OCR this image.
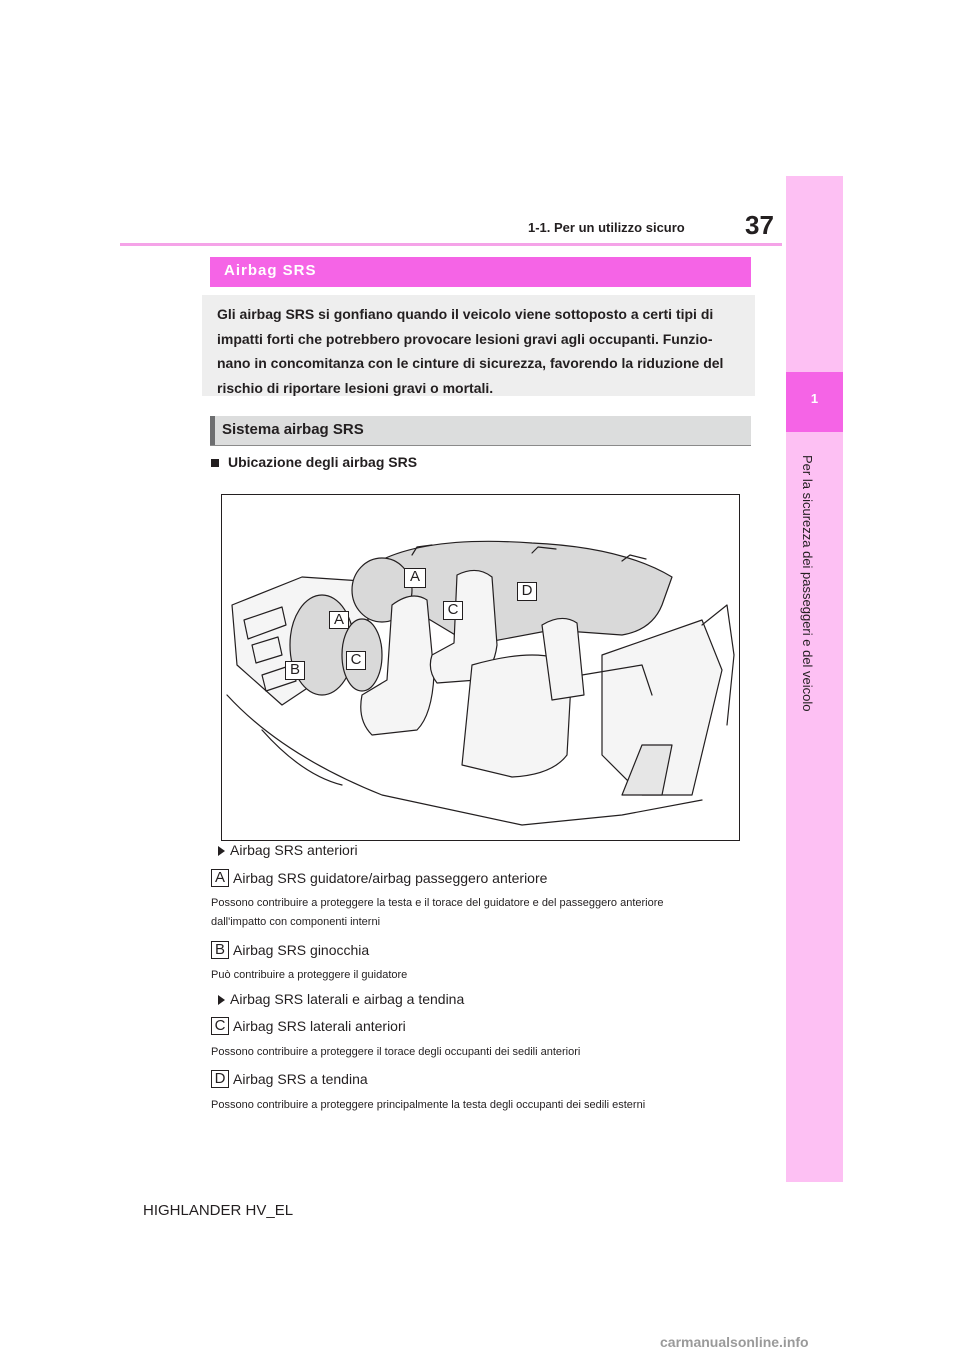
37
1-1. Per un utilizzo sicuro
1
Per la sicurezza dei passeggeri e del veicolo
Airbag SRS
Gli airbag SRS si gonfiano quando il veicolo viene sottoposto a certi tipi di
impatti forti che potrebbero provocare lesioni gravi agli occupanti. Funzio-
nano in concomitanza con le cinture di sicurezza, favorendo la riduzione del
rischio di riportare lesioni gravi o mortali.
Sistema airbag SRS
Ubicazione degli airbag SRS
A
A
B
C
C
D
Airbag SRS anteriori
A Airbag SRS guidatore/airbag passeggero anteriore
Possono contribuire a proteggere la testa e il torace del guidatore e del passeggero anteriore
dall'impatto con componenti interni
B Airbag SRS ginocchia
Può contribuire a proteggere il guidatore
Airbag SRS laterali e airbag a tendina
C Airbag SRS laterali anteriori
Possono contribuire a proteggere il torace degli occupanti dei sedili anteriori
D Airbag SRS a tendina
Possono contribuire a proteggere principalmente la testa degli occupanti dei sedili esterni
HIGHLANDER HV_EL
carmanualsonline.info
